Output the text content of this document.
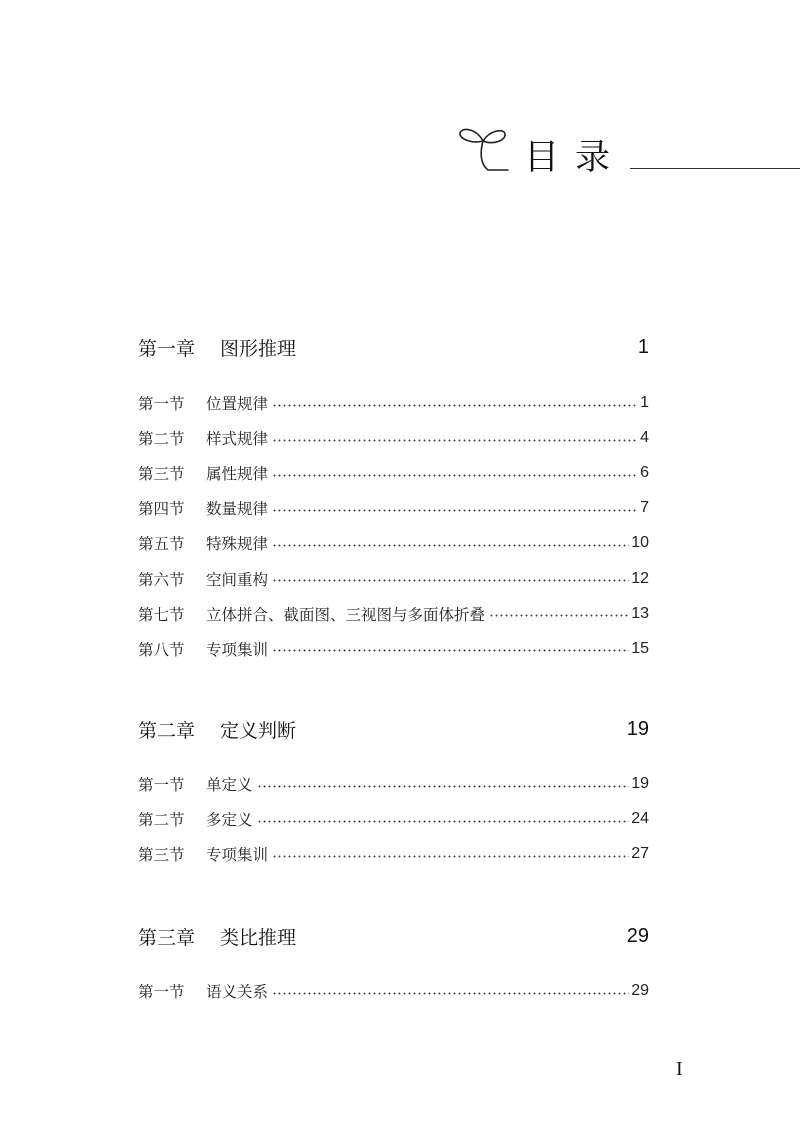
目录
第一章	图形推理	1
第一节	位置规律	1
第二节	样式规律	4
第三节	属性规律	6
第四节	数量规律	7
第五节	特殊规律	10
第六节	空间重构	12
第七节	立体拼合、截面图、三视图与多面体折叠	13
第八节	专项集训	15
第二章	定义判断	19
第一节	单定义	19
第二节	多定义	24
第三节	专项集训	27
第三章	类比推理	29
第一节	语义关系	29
I
